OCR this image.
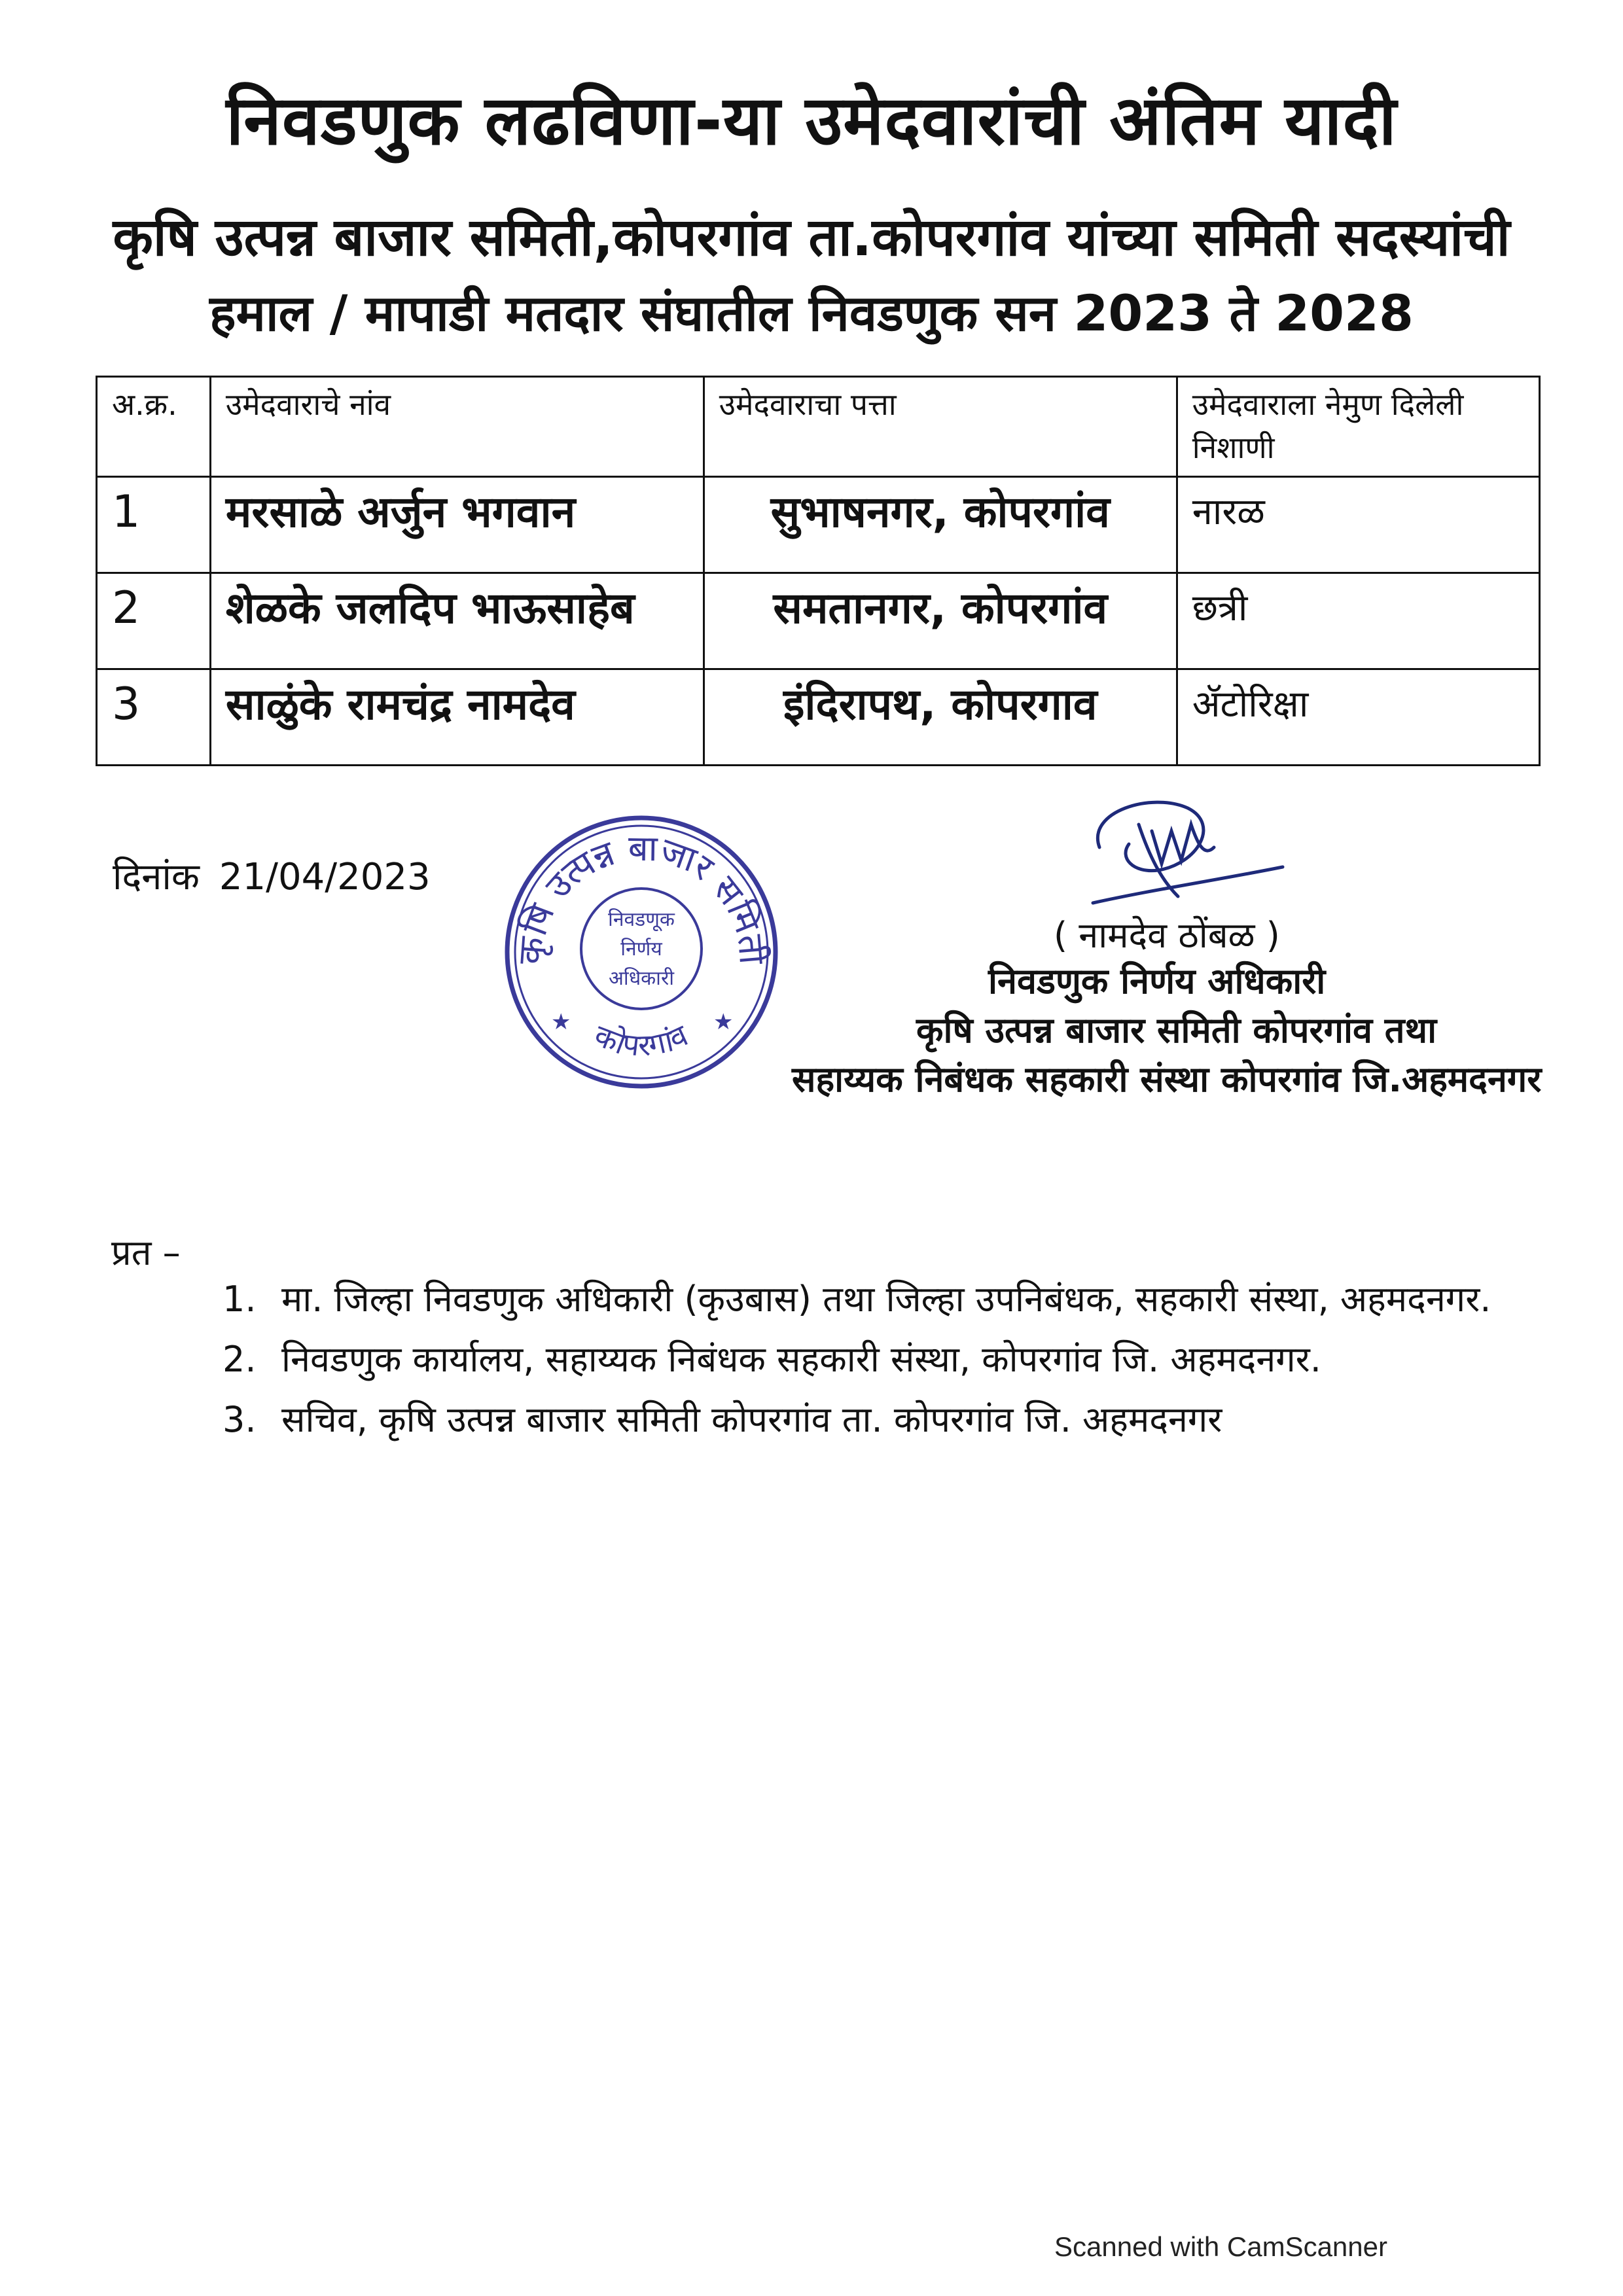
निवडणुक लढविणा-या उमेदवारांची अंतिम यादी
कृषि उत्पन्न बाजार समिती,कोपरगांव ता.कोपरगांव यांच्या समिती सदस्यांची
हमाल / मापाडी मतदार संघातील निवडणुक सन 2023 ते 2028
अ.क्र.	उमेदवाराचे नांव	उमेदवाराचा पत्ता	उमेदवाराला नेमुण दिलेली निशाणी
1	मरसाळे अर्जुन भगवान	सुभाषनगर, कोपरगांव	नारळ
2	शेळके जलदिप भाऊसाहेब	समतानगर, कोपरगांव	छत्री
3	साळुंके रामचंद्र नामदेव	इंदिरापथ, कोपरगाव	ॲटोरिक्षा
दिनांक 21/04/2023
कृषि उत्पन्न बाजार समिती
कोपरगांव
निवडणूक
निर्णय
अधिकारी
★	★
( नामदेव ठोंबळ )
निवडणुक निर्णय अधिकारी
कृषि उत्पन्न बाजार समिती कोपरगांव तथा
सहाय्यक निबंधक सहकारी संस्था कोपरगांव जि.अहमदनगर
प्रत –
1. मा. जिल्हा निवडणुक अधिकारी (कृउबास) तथा जिल्हा उपनिबंधक, सहकारी संस्था, अहमदनगर.
2. निवडणुक कार्यालय, सहाय्यक निबंधक सहकारी संस्था, कोपरगांव जि. अहमदनगर.
3. सचिव, कृषि उत्पन्न बाजार समिती कोपरगांव ता. कोपरगांव जि. अहमदनगर
Scanned with CamScanner
